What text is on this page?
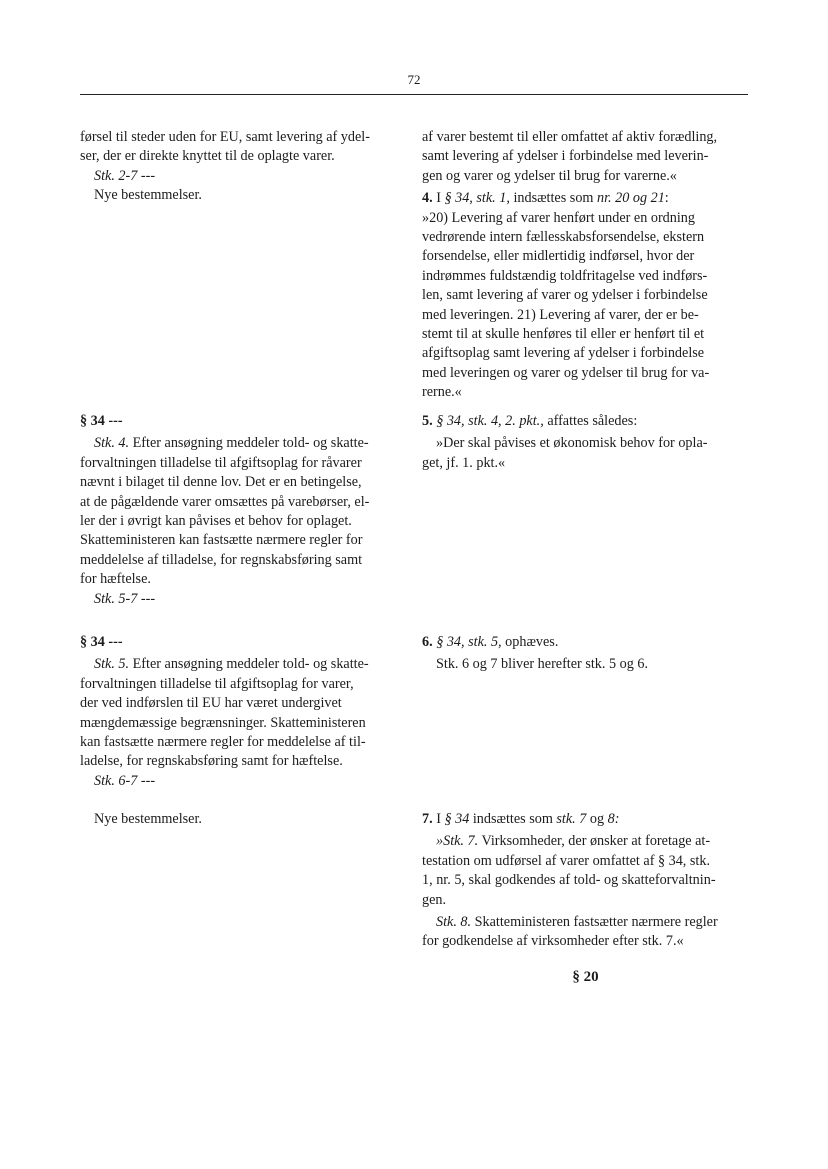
72

førsel til steder uden for EU, samt levering af ydel-

ser, der er direkte knyttet til de oplagte varer.

Stk. 2-7 ---

Nye bestemmelser.

af varer bestemt til eller omfattet af aktiv forædling,

samt levering af ydelser i forbindelse med leverin-

gen og varer og ydelser til brug for varerne.«

4. I § 34, stk. 1, indsættes som nr. 20 og 21:

»20) Levering af varer henført under en ordning

vedrørende intern fællesskabsforsendelse, ekstern

forsendelse, eller midlertidig indførsel, hvor der

indrømmes fuldstændig toldfritagelse ved indførs-

len, samt levering af varer og ydelser i forbindelse

med leveringen. 21) Levering af varer, der er be-

stemt til at skulle henføres til eller er henført til et

afgiftsoplag samt levering af ydelser i forbindelse

med leveringen og varer og ydelser til brug for va-

rerne.«

§ 34 ---

Stk. 4. Efter ansøgning meddeler told- og skatte-

forvaltningen tilladelse til afgiftsoplag for råvarer

nævnt i bilaget til denne lov. Det er en betingelse,

at de pågældende varer omsættes på varebørser, el-

ler der i øvrigt kan påvises et behov for oplaget.

Skatteministeren kan fastsætte nærmere regler for

meddelelse af tilladelse, for regnskabsføring samt

for hæftelse.

Stk. 5-7 ---

5. § 34, stk. 4, 2. pkt., affattes således:

»Der skal påvises et økonomisk behov for opla-

get, jf. 1. pkt.«

§ 34 ---

Stk. 5. Efter ansøgning meddeler told- og skatte-

forvaltningen tilladelse til afgiftsoplag for varer,

der ved indførslen til EU har været undergivet

mængdemæssige begrænsninger. Skatteministeren

kan fastsætte nærmere regler for meddelelse af til-

ladelse, for regnskabsføring samt for hæftelse.

Stk. 6-7 ---

6. § 34, stk. 5, ophæves.

Stk. 6 og 7 bliver herefter stk. 5 og 6.

Nye bestemmelser.	7. I § 34 indsættes som stk. 7 og 8:

»Stk. 7. Virksomheder, der ønsker at foretage at-

testation om udførsel af varer omfattet af § 34, stk.

1, nr. 5, skal godkendes af told- og skatteforvaltnin-

gen.

Stk. 8. Skatteministeren fastsætter nærmere regler

for godkendelse af virksomheder efter stk. 7.«

§ 20
